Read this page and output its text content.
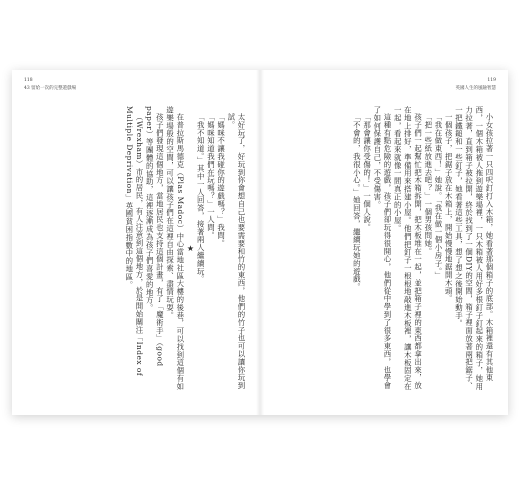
118
43 留給一次的完整遊戲場

太好玩了，好玩到你會想自己也要需要和竹的東西，他們的竹子也可以讓你玩到

試。

「媽咪不讓我碰你的遊戲嗎？」我問。

「媽咪知道我們在玩嗎？」一人問。

「我不知道。」其中一人回答，接著兩人繼續玩。

★

在普拉斯馬德克（Plas Madoc）中心當地社區大樓的後巷，可以找到這個有如遊樂場般的空間，可以讓孩子們在這裡自由探索、盡情玩耍。

孩子們發現這個地方，當地居民也支持這個計畫，有了「魔術手」（good paper）等團體的協助，這裡逐漸成為孩子們喜愛的地方。

（Wrexham）市的居民，有人注意到這個地方，於是開始關注「Index of Multiple Deprivation」英國貧困指數中的地區。

119
英國人生的風險智慧

小女孩拉著一只四呎釘打入木箱，她看著那個箱子的底部。木箱裡還有其他東西，一個木箱被人拖到遊樂場裡，一只木箱被人用好多根釘子釘起來的箱子，她用力拉著，直到箱子被拉開，終於找到了一個DIY的空間，箱子裡面放著兩把鋸子、一把鐵鎚和一些釘子，她看著這些工具，想了想之後開始動手。

一個孩子，把鋸子放在木箱上，開始慢慢地鋸開木頭。

「我在做東西！」她說。「我在做一個小房子。」

「把一些紙放進去吧？」一個男孩問她。

孩子們一起幫忙把木箱拆開，把木板堆在一起，並把箱子裡的東西都拿出來，放在地上排好，準備用來搭建小屋。他們把釘子一根根地敲進木板裡，讓木板固定在一起，看起來就像一間真正的小屋。

這種有點危險的遊戲，孩子們卻玩得很開心，他們從中學到了很多東西，也學會了如何保護自己，不受傷害。

「那會讓你受傷的！」一個人說。

「不會的，我很小心。」她回答，繼續玩她的遊戲。
